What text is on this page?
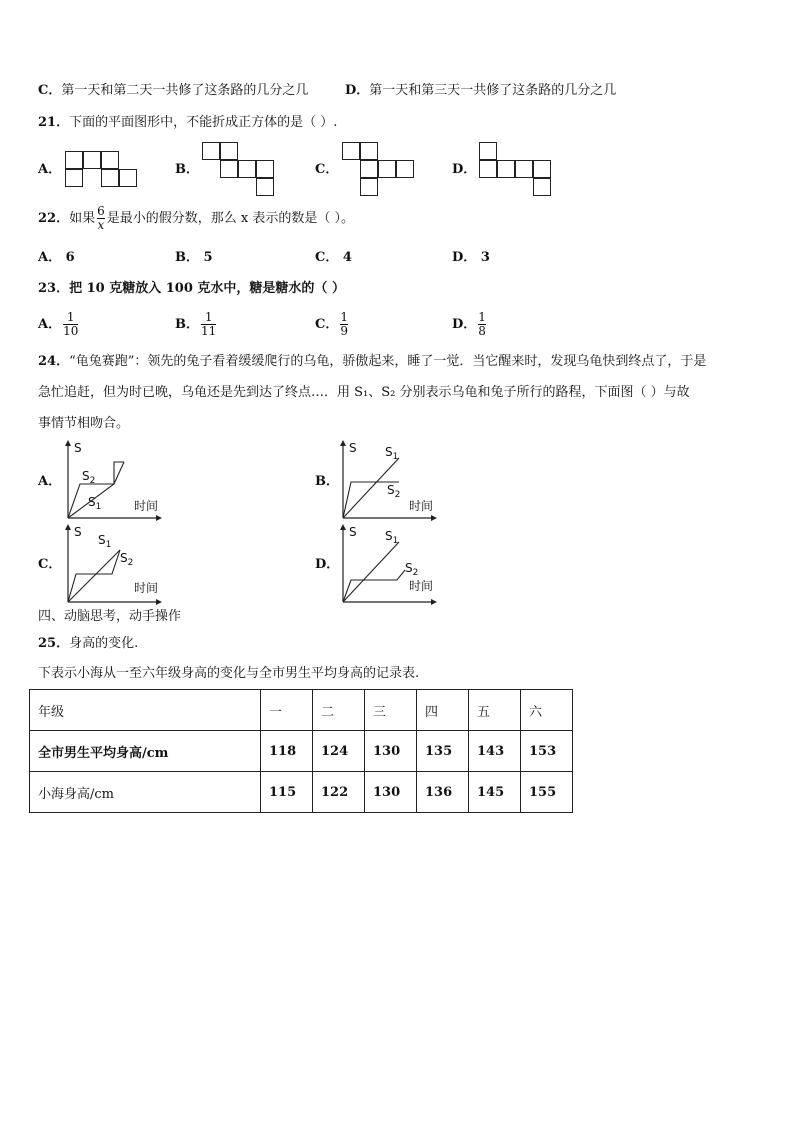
C．第一天和第二天一共修了这条路的几分之几	D．第一天和第三天一共修了这条路的几分之几
21．下面的平面图形中，不能折成正方体的是（ ）.
A．	B．	C．	D．
22．如果 $\frac{6}{x}$ 是最小的假分数，那么 x 表示的数是（ ）。
A． 6	B． 5	C． 4	D． 3
23．把 10 克糖放入 100 克水中，糖是糖水的（ ）
A． $\frac{1}{10}$	B． $\frac{1}{11}$	C． $\frac{1}{9}$	D． $\frac{1}{8}$
24．“龟兔赛跑”：领先的兔子看着缓缓爬行的乌龟，骄傲起来，睡了一觉．当它醒来时，发现乌龟快到终点了，于是
急忙追赶，但为时已晚，乌龟还是先到达了终点…．用 S₁、S₂ 分别表示乌龟和兔子所行的路程，下面图（ ）与故
事情节相吻合。
A．
S
时间
$S_2$
$S_1$
B．
S
时间
$S_1$
$S_2$
C．
S
时间
$S_1$
$S_2$	D．
S
时间
$S_1$
$S_2$
四、动脑思考，动手操作
25．身高的变化.
下表示小海从一至六年级身高的变化与全市男生平均身高的记录表.
年级	一	二	三	四	五	六
全市男生平均身高/cm	118	124	130	135	143	153
小海身高/cm	115	122	130	136	145	155
